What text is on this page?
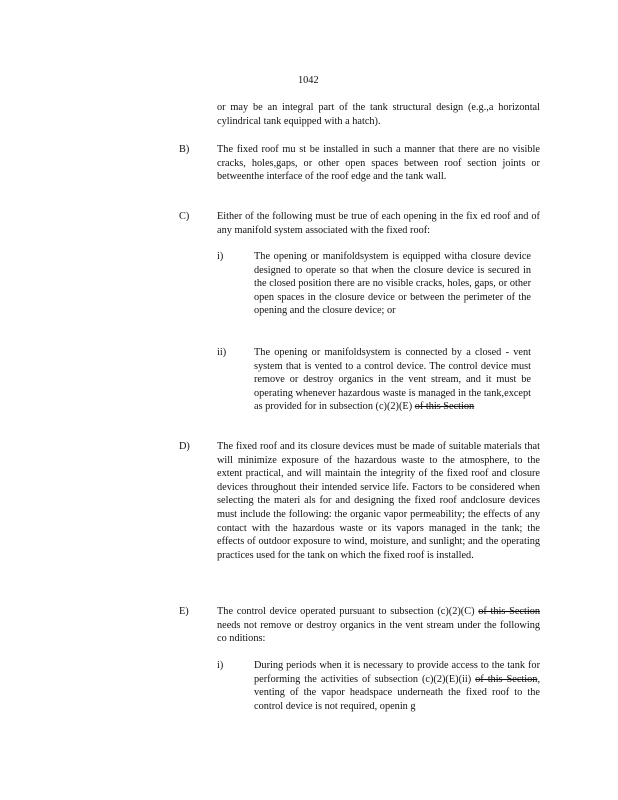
1042
or may be an integral part of the tank structural design (e.g.,a horizontal cylindrical tank equipped with a hatch).
B)	The fixed roof mu st be installed in such a manner that there are no visible cracks, holes,gaps, or other open spaces between roof section joints or betweenthe interface of the roof edge and the tank wall.
C)	Either of the following must be true of each opening in the fix ed roof and of any manifold system associated with the fixed roof:
i)	The opening or manifoldsystem is equipped witha closure device designed to operate so that when the closure device is secured in the closed position there are no visible cracks, holes, gaps, or other open spaces in the closure device or between the perimeter of the opening and the closure device; or
ii)	The opening or manifoldsystem is connected by a closed - vent system that is vented to a control device. The control device must remove or destroy organics in the vent stream, and it must be operating whenever hazardous waste is managed in the tank,except as provided for in subsection (c)(2)(E) of this Section
D)	The fixed roof and its closure devices must be made of suitable materials that will minimize exposure of the hazardous waste to the atmosphere, to the extent practical, and will maintain the integrity of the fixed roof and closure devices throughout their intended service life. Factors to be considered when selecting the materi als for and designing the fixed roof andclosure devices must include the following: the organic vapor permeability; the effects of any contact with the hazardous waste or its vapors managed in the tank; the effects of outdoor exposure to wind, moisture, and sunlight; and the operating practices used for the tank on which the fixed roof is installed.
E)	The control device operated pursuant to subsection (c)(2)(C) of this Section needs not remove or destroy organics in the vent stream under the following co nditions:
i)	During periods when it is necessary to provide access to the tank for performing the activities of subsection (c)(2)(E)(ii) of this Section, venting of the vapor headspace underneath the fixed roof to the control device is not required, openin g
